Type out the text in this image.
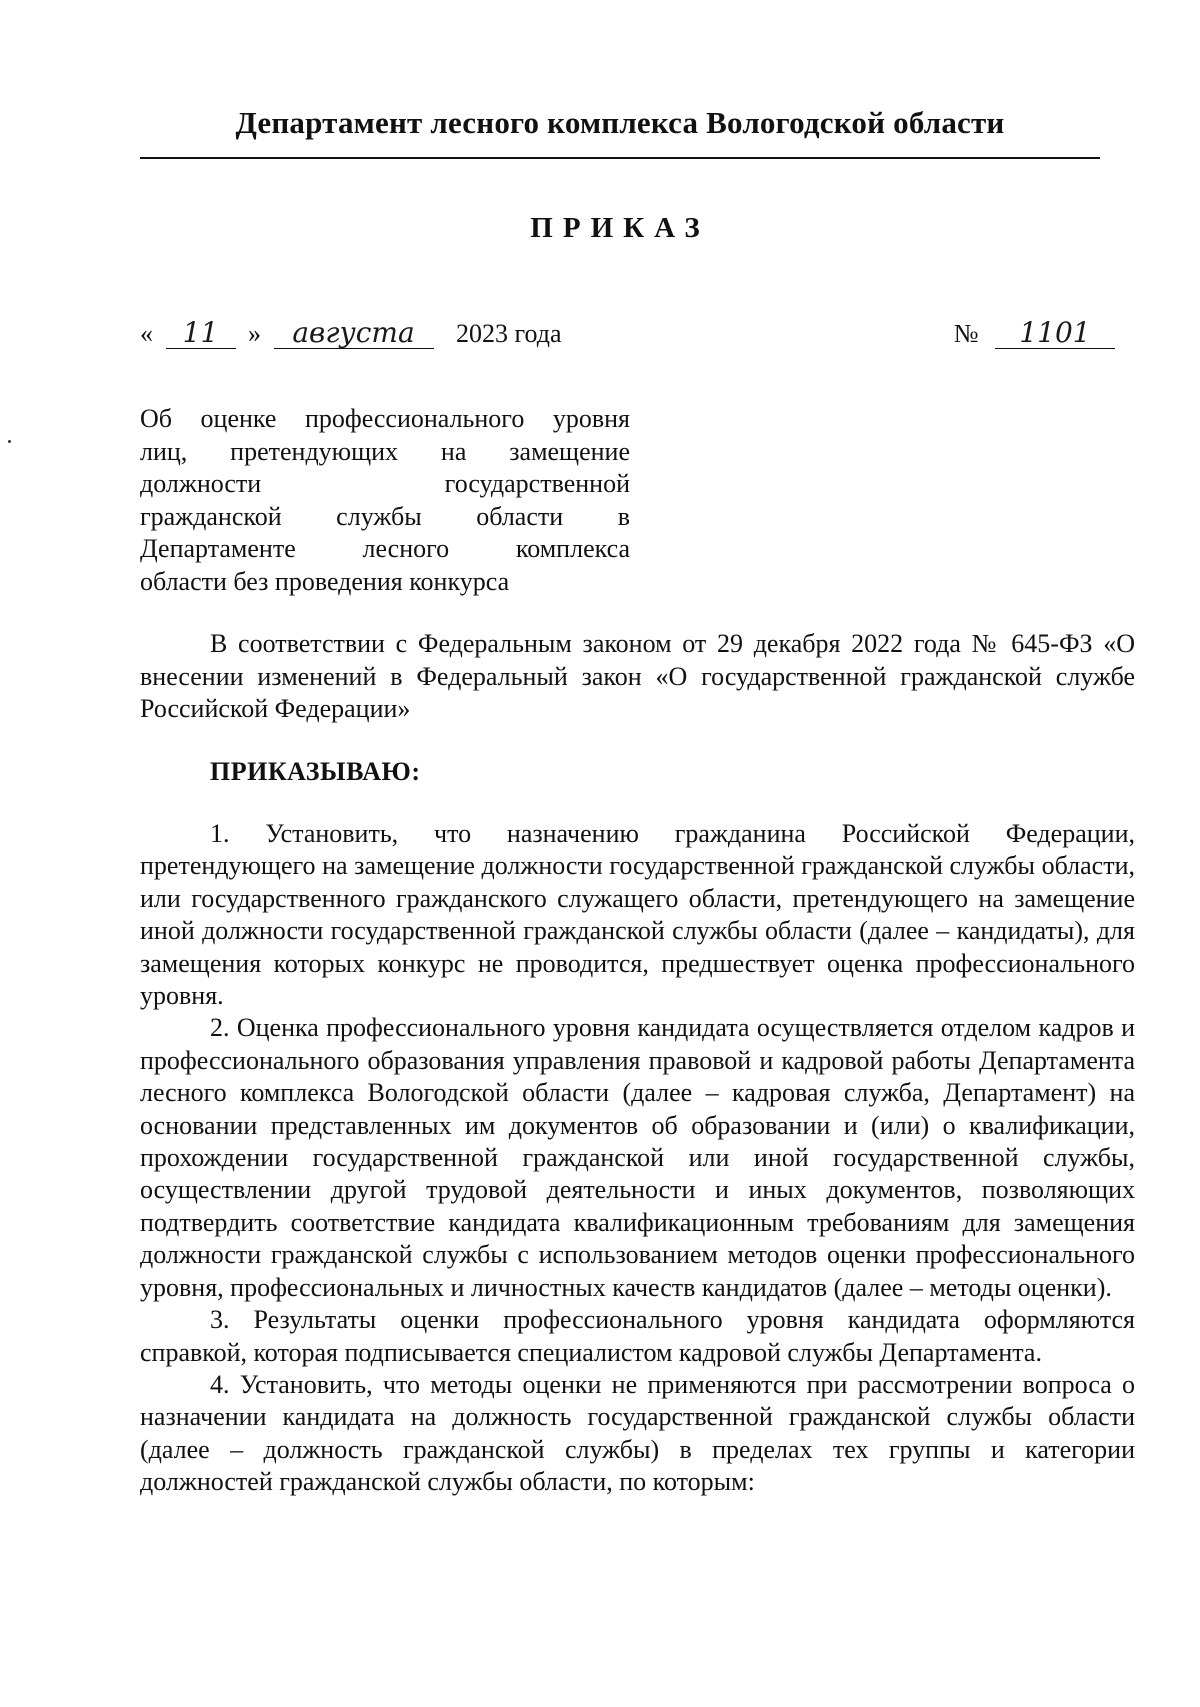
Департамент лесного комплекса Вологодской области
ПРИКАЗ
« 11 » августа 2023 года	№ 1101
Об оценке профессионального уровня
лиц, претендующих на замещение
должности государственной
гражданской службы области в
Департаменте лесного комплекса
области без проведения конкурса
В соответствии с Федеральным законом от 29 декабря 2022 года № 645-ФЗ «О внесении изменений в Федеральный закон «О государственной гражданской службе Российской Федерации»
ПРИКАЗЫВАЮ:

1. Установить, что назначению гражданина Российской Федерации, претендующего на замещение должности государственной гражданской службы области, или государственного гражданского служащего области, претендующего на замещение иной должности государственной гражданской службы области (далее – кандидаты), для замещения которых конкурс не проводится, предшествует оценка профессионального уровня.

2. Оценка профессионального уровня кандидата осуществляется отделом кадров и профессионального образования управления правовой и кадровой работы Департамента лесного комплекса Вологодской области (далее – кадровая служба, Департамент) на основании представленных им документов об образовании и (или) о квалификации, прохождении государственной гражданской или иной государственной службы, осуществлении другой трудовой деятельности и иных документов, позволяющих подтвердить соответствие кандидата квалификационным требованиям для замещения должности гражданской службы с использованием методов оценки профессионального уровня, профессиональных и личностных качеств кандидатов (далее – методы оценки).

3. Результаты оценки профессионального уровня кандидата оформляются справкой, которая подписывается специалистом кадровой службы Департамента.

4. Установить, что методы оценки не применяются при рассмотрении вопроса о назначении кандидата на должность государственной гражданской службы области (далее – должность гражданской службы) в пределах тех группы и категории должностей гражданской службы области, по которым:
